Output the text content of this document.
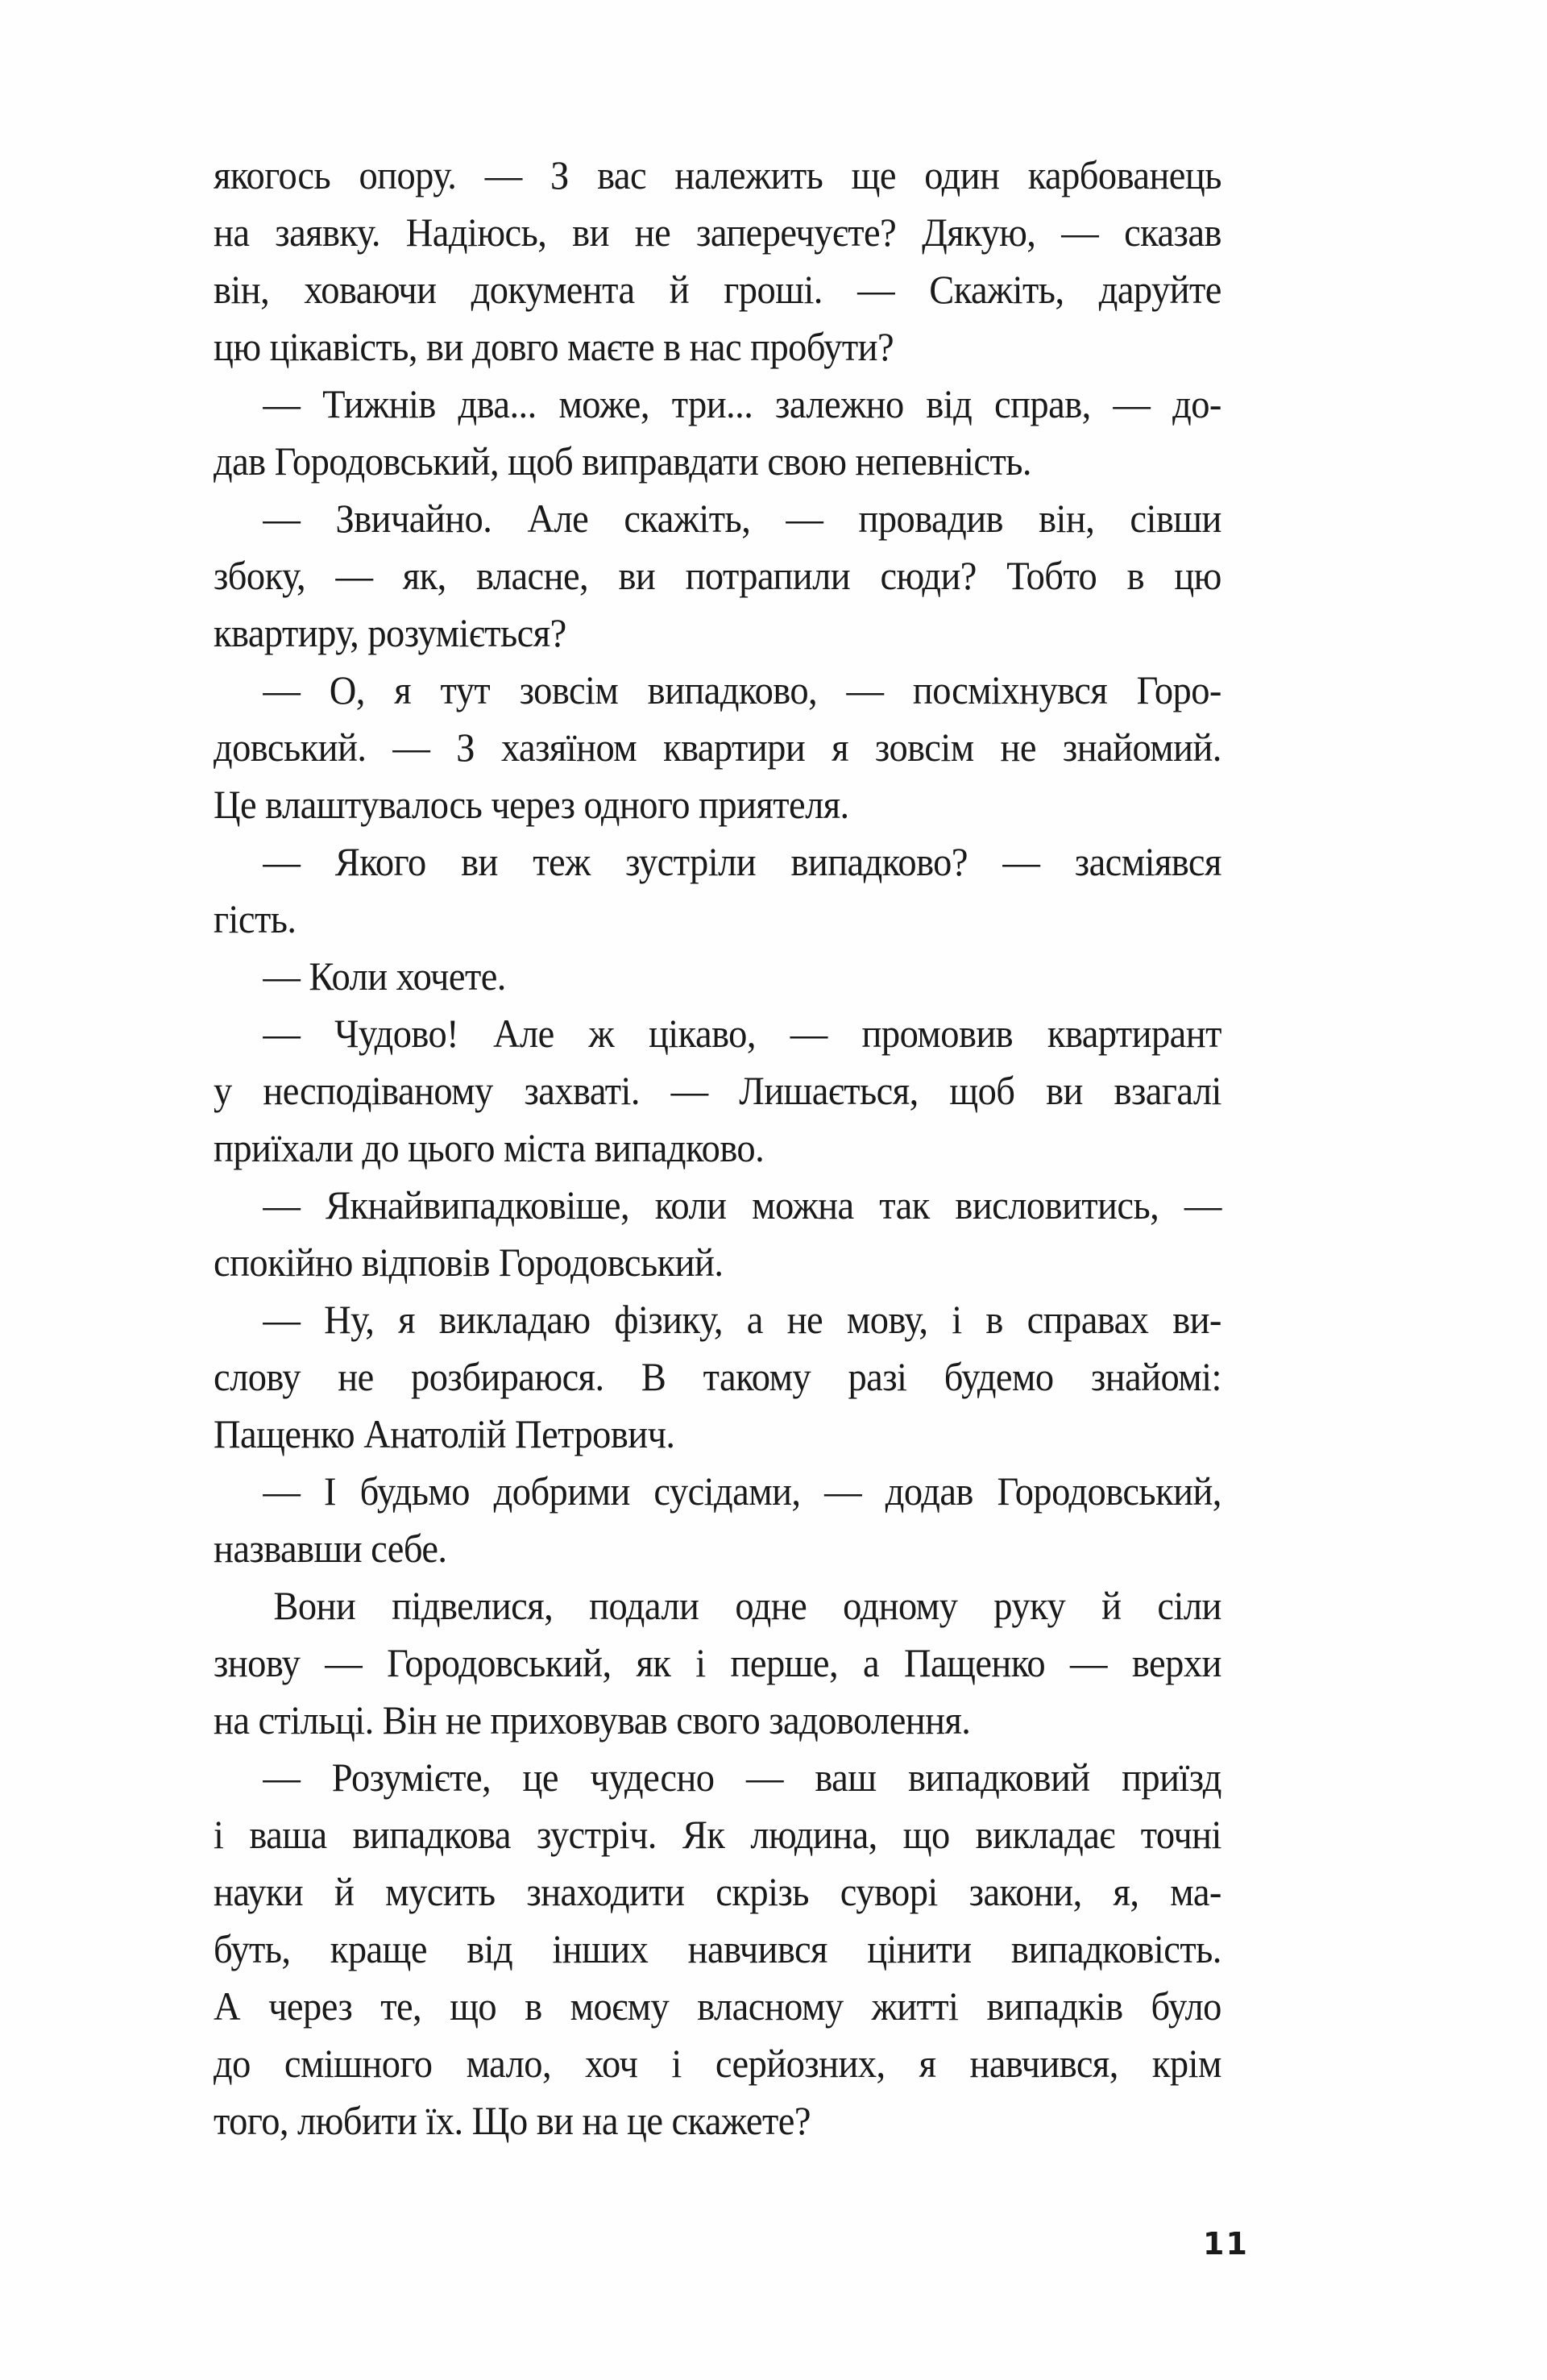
якогось опору. — З вас належить ще один карбованець
на заявку. Надіюсь, ви не заперечуєте? Дякую, — сказав
він, ховаючи документа й гроші. — Скажіть, даруйте
цю цікавість, ви довго маєте в нас пробути?
— Тижнів два... може, три... залежно від справ, — до-
дав Городовський, щоб виправдати свою непевність.
— Звичайно. Але скажіть, — провадив він, сівши
збоку, — як, власне, ви потрапили сюди? Тобто в цю
квартиру, розуміється?
— О, я тут зовсім випадково, — посміхнувся Горо-
довський. — З хазяїном квартири я зовсім не знайомий.
Це влаштувалось через одного приятеля.
— Якого ви теж зустріли випадково? — засміявся
гість.
— Коли хочете.
— Чудово! Але ж цікаво, — промовив квартирант
у несподіваному захваті. — Лишається, щоб ви взагалі
приїхали до цього міста випадково.
— Якнайвипадковіше, коли можна так висловитись, —
спокійно відповів Городовський.
— Ну, я викладаю фізику, а не мову, і в справах ви-
слову не розбираюся. В такому разі будемо знайомі:
Пащенко Анатолій Петрович.
— І будьмо добрими сусідами, — додав Городовський,
назвавши себе.
Вони підвелися, подали одне одному руку й сіли
знову — Городовський, як і перше, а Пащенко — верхи
на стільці. Він не приховував свого задоволення.
— Розумієте, це чудесно — ваш випадковий приїзд
і ваша випадкова зустріч. Як людина, що викладає точні
науки й мусить знаходити скрізь суворі закони, я, ма-
буть, краще від інших навчився цінити випадковість.
А через те, що в моєму власному житті випадків було
до смішного мало, хоч і серйозних, я навчився, крім
того, любити їх. Що ви на це скажете?
11
